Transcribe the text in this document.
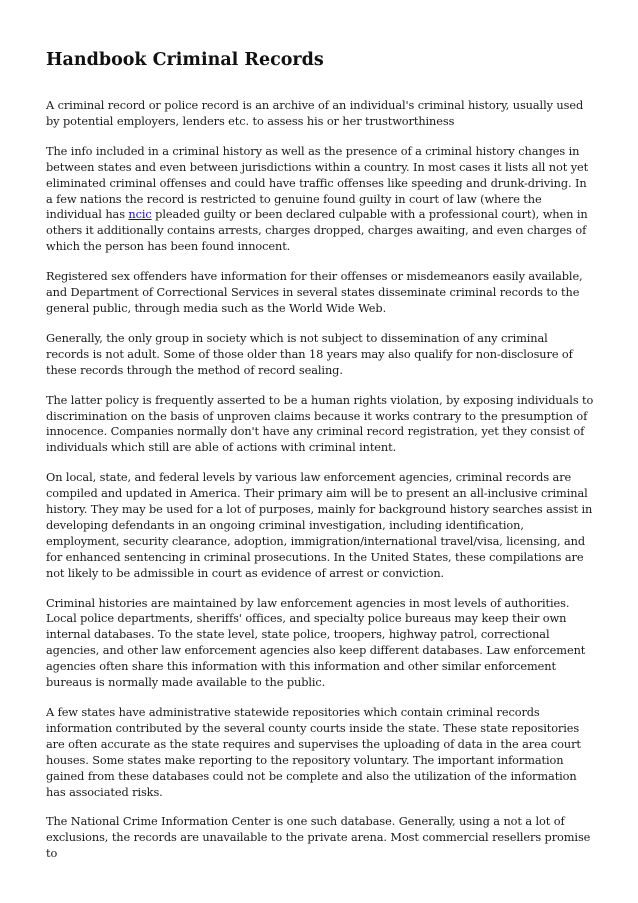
Handbook Criminal Records

A criminal record or police record is an archive of an individual's criminal history, usually used by potential employers, lenders etc. to assess his or her trustworthiness

The info included in a criminal history as well as the presence of a criminal history changes in between states and even between jurisdictions within a country. In most cases it lists all not yet eliminated criminal offenses and could have traffic offenses like speeding and drunk-driving. In a few nations the record is restricted to genuine found guilty in court of law (where the individual has ncic pleaded guilty or been declared culpable with a professional court), when in others it additionally contains arrests, charges dropped, charges awaiting, and even charges of which the person has been found innocent.

Registered sex offenders have information for their offenses or misdemeanors easily available, and Department of Correctional Services in several states disseminate criminal records to the general public, through media such as the World Wide Web.

Generally, the only group in society which is not subject to dissemination of any criminal records is not adult. Some of those older than 18 years may also qualify for non-disclosure of these records through the method of record sealing.

The latter policy is frequently asserted to be a human rights violation, by exposing individuals to discrimination on the basis of unproven claims because it works contrary to the presumption of innocence. Companies normally don't have any criminal record registration, yet they consist of individuals which still are able of actions with criminal intent.

On local, state, and federal levels by various law enforcement agencies, criminal records are compiled and updated in America. Their primary aim will be to present an all-inclusive criminal history. They may be used for a lot of purposes, mainly for background history searches assist in developing defendants in an ongoing criminal investigation, including identification, employment, security clearance, adoption, immigration/international travel/visa, licensing, and for enhanced sentencing in criminal prosecutions. In the United States, these compilations are not likely to be admissible in court as evidence of arrest or conviction.

Criminal histories are maintained by law enforcement agencies in most levels of authorities. Local police departments, sheriffs' offices, and specialty police bureaus may keep their own internal databases. To the state level, state police, troopers, highway patrol, correctional agencies, and other law enforcement agencies also keep different databases. Law enforcement agencies often share this information with this information and other similar enforcement bureaus is normally made available to the public.

A few states have administrative statewide repositories which contain criminal records information contributed by the several county courts inside the state. These state repositories are often accurate as the state requires and supervises the uploading of data in the area court houses. Some states make reporting to the repository voluntary. The important information gained from these databases could not be complete and also the utilization of the information has associated risks.

The National Crime Information Center is one such database. Generally, using a not a lot of exclusions, the records are unavailable to the private arena. Most commercial resellers promise to
